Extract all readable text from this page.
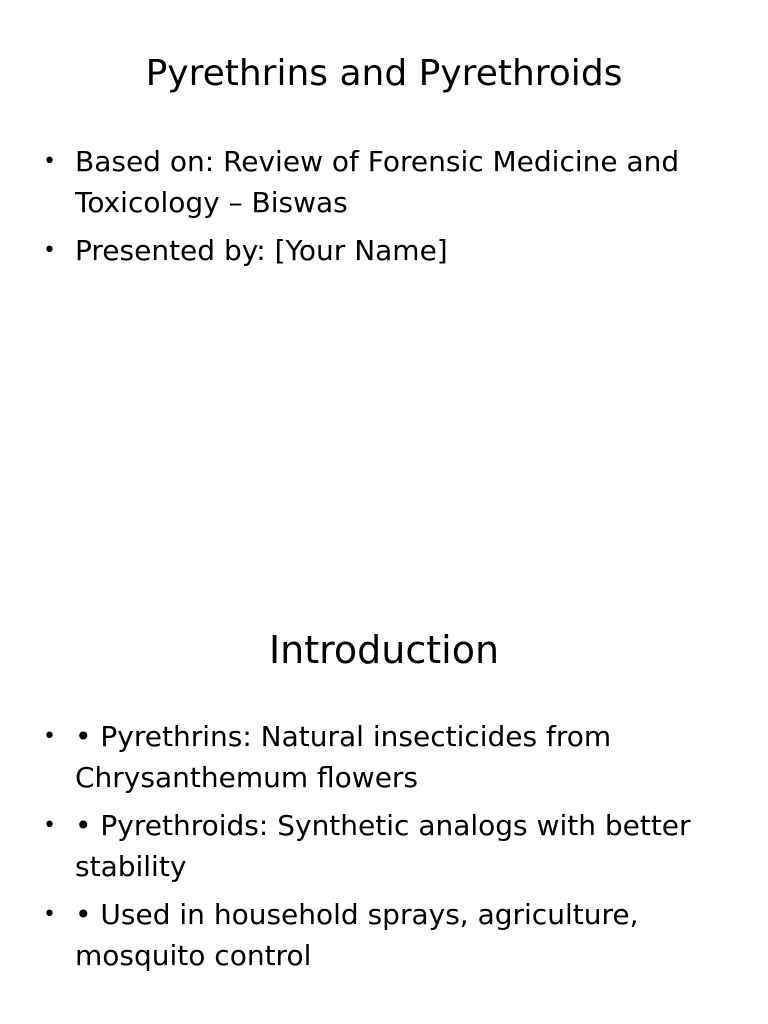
Pyrethrins and Pyrethroids
• Based on: Review of Forensic Medicine and Toxicology – Biswas
• Presented by: [Your Name]
Introduction
• • Pyrethrins: Natural insecticides from Chrysanthemum flowers
• • Pyrethroids: Synthetic analogs with better stability
• • Used in household sprays, agriculture, mosquito control
